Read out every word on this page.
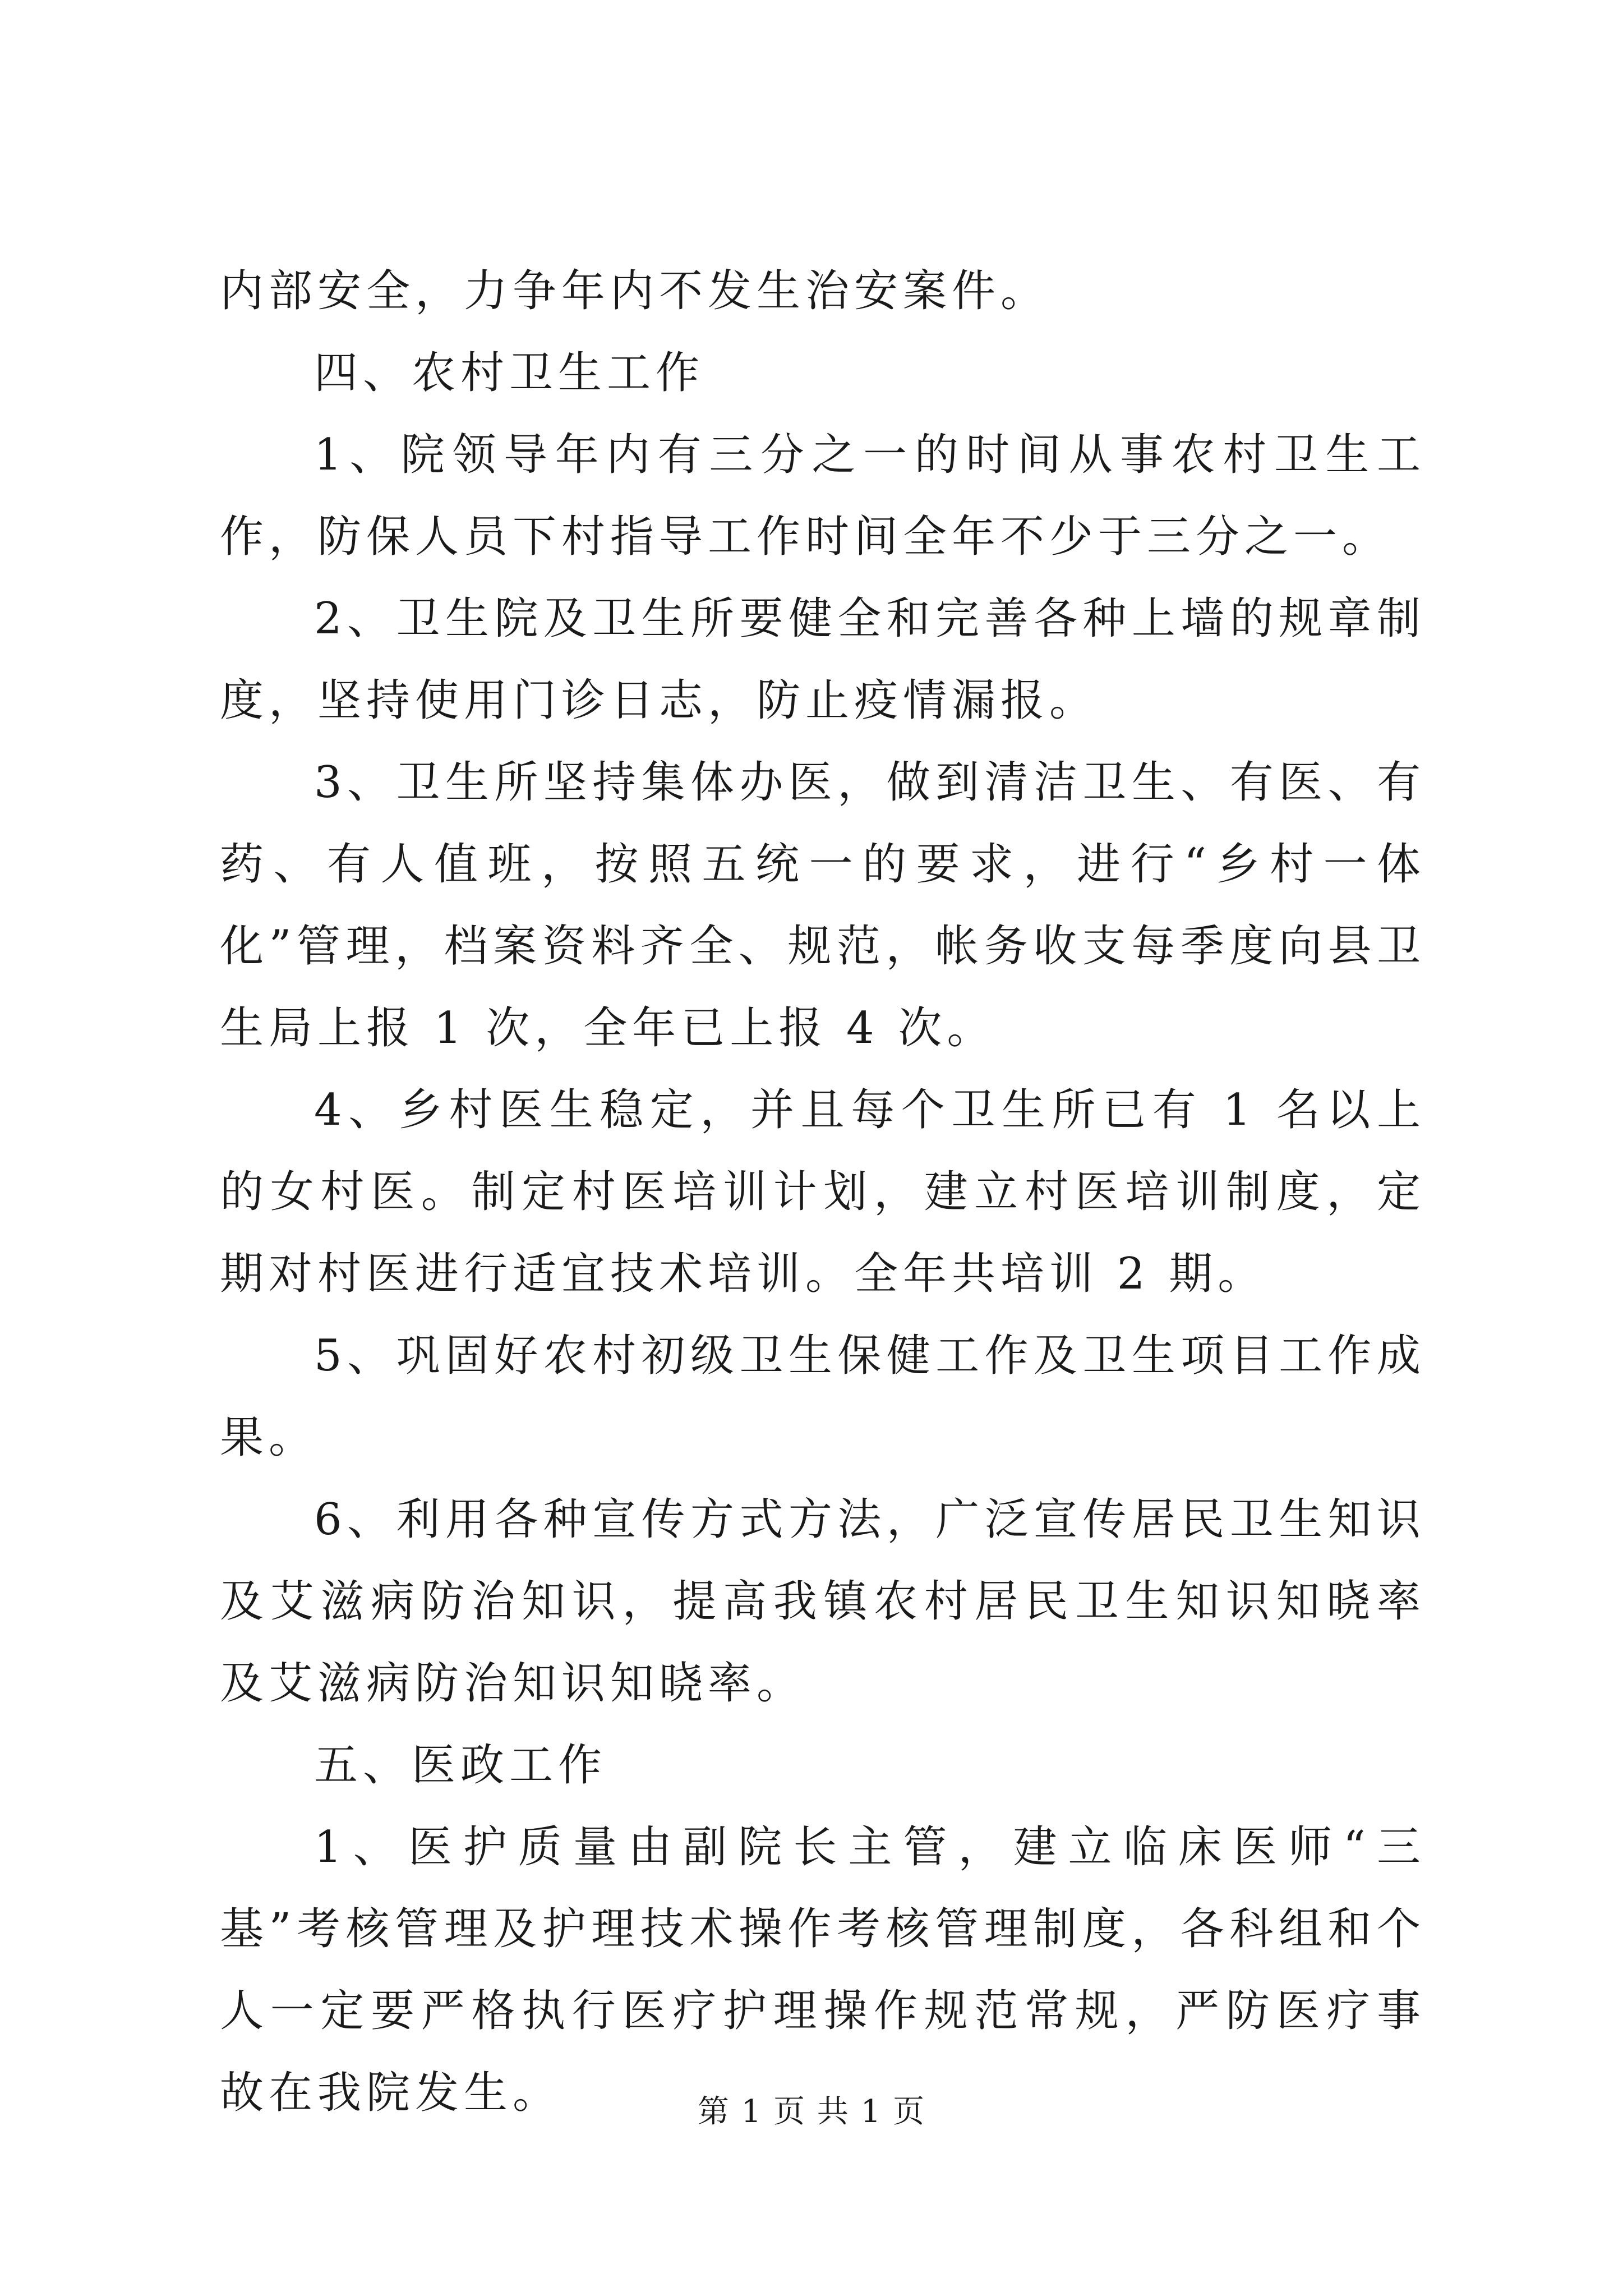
内部安全，力争年内不发生治安案件。

四、农村卫生工作

1、院领导年内有三分之一的时间从事农村卫生工作，防保人员下村指导工作时间全年不少于三分之一。

2、卫生院及卫生所要健全和完善各种上墙的规章制度，坚持使用门诊日志，防止疫情漏报。

3、卫生所坚持集体办医，做到清洁卫生、有医、有药、有人值班，按照五统一的要求，进行“乡村一体化”管理，档案资料齐全、规范，帐务收支每季度向县卫生局上报 1 次，全年已上报 4 次。

4、乡村医生稳定，并且每个卫生所已有 1 名以上的女村医。制定村医培训计划，建立村医培训制度，定期对村医进行适宜技术培训。全年共培训 2 期。

5、巩固好农村初级卫生保健工作及卫生项目工作成果。

6、利用各种宣传方式方法，广泛宣传居民卫生知识及艾滋病防治知识，提高我镇农村居民卫生知识知晓率及艾滋病防治知识知晓率。

五、医政工作

1、医护质量由副院长主管，建立临床医师“三基”考核管理及护理技术操作考核管理制度，各科组和个人一定要严格执行医疗护理操作规范常规，严防医疗事故在我院发生。	第 1 页 共 1 页
